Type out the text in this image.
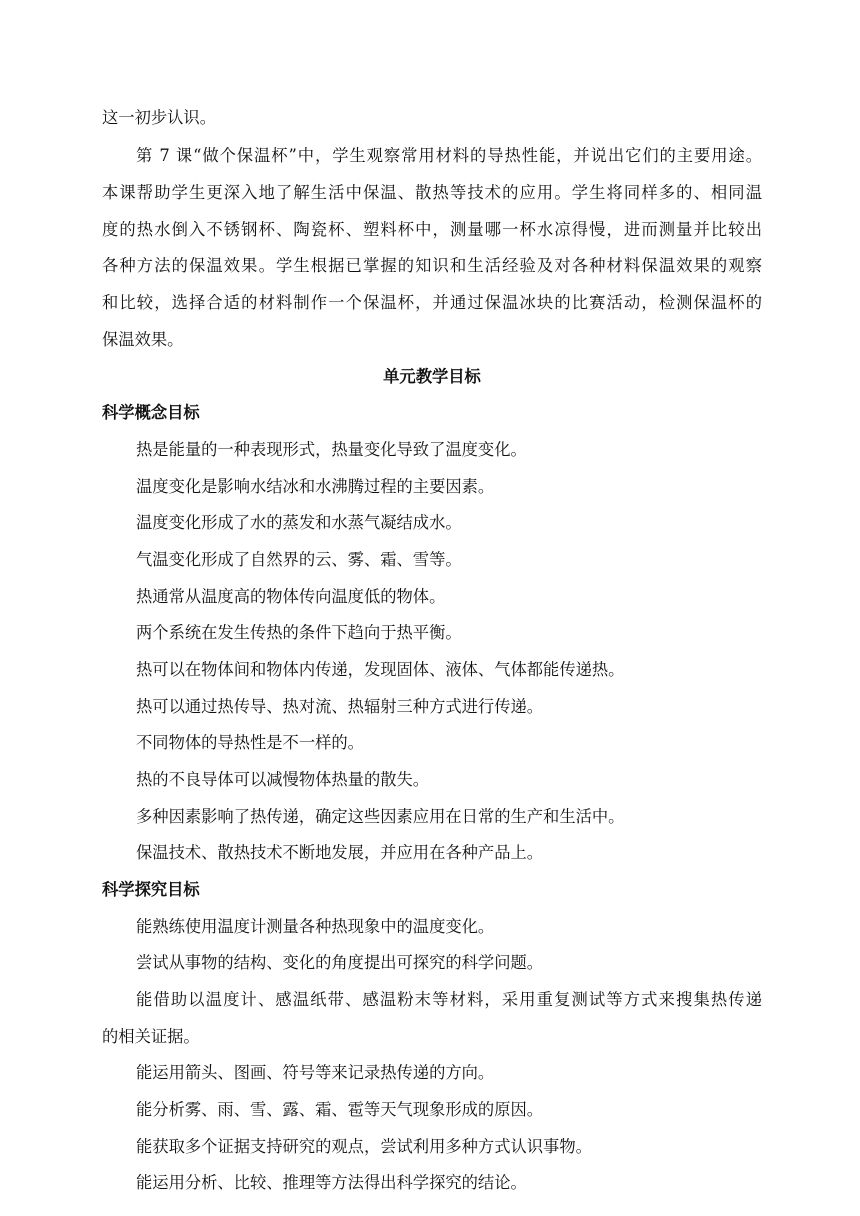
这一初步认识。
第 7 课“做个保温杯”中，学生观察常用材料的导热性能，并说出它们的主要用途。
本课帮助学生更深入地了解生活中保温、散热等技术的应用。学生将同样多的、相同温
度的热水倒入不锈钢杯、陶瓷杯、塑料杯中，测量哪一杯水凉得慢，进而测量并比较出
各种方法的保温效果。学生根据已掌握的知识和生活经验及对各种材料保温效果的观察
和比较，选择合适的材料制作一个保温杯，并通过保温冰块的比赛活动，检测保温杯的
保温效果。
单元教学目标
科学概念目标
热是能量的一种表现形式，热量变化导致了温度变化。
温度变化是影响水结冰和水沸腾过程的主要因素。
温度变化形成了水的蒸发和水蒸气凝结成水。
气温变化形成了自然界的云、雾、霜、雪等。
热通常从温度高的物体传向温度低的物体。
两个系统在发生传热的条件下趋向于热平衡。
热可以在物体间和物体内传递，发现固体、液体、气体都能传递热。
热可以通过热传导、热对流、热辐射三种方式进行传递。
不同物体的导热性是不一样的。
热的不良导体可以减慢物体热量的散失。
多种因素影响了热传递，确定这些因素应用在日常的生产和生活中。
保温技术、散热技术不断地发展，并应用在各种产品上。
科学探究目标
能熟练使用温度计测量各种热现象中的温度变化。
尝试从事物的结构、变化的角度提出可探究的科学问题。
能借助以温度计、感温纸带、感温粉末等材料，采用重复测试等方式来搜集热传递
的相关证据。
能运用箭头、图画、符号等来记录热传递的方向。
能分析雾、雨、雪、露、霜、雹等天气现象形成的原因。
能获取多个证据支持研究的观点，尝试利用多种方式认识事物。
能运用分析、比较、推理等方法得出科学探究的结论。
